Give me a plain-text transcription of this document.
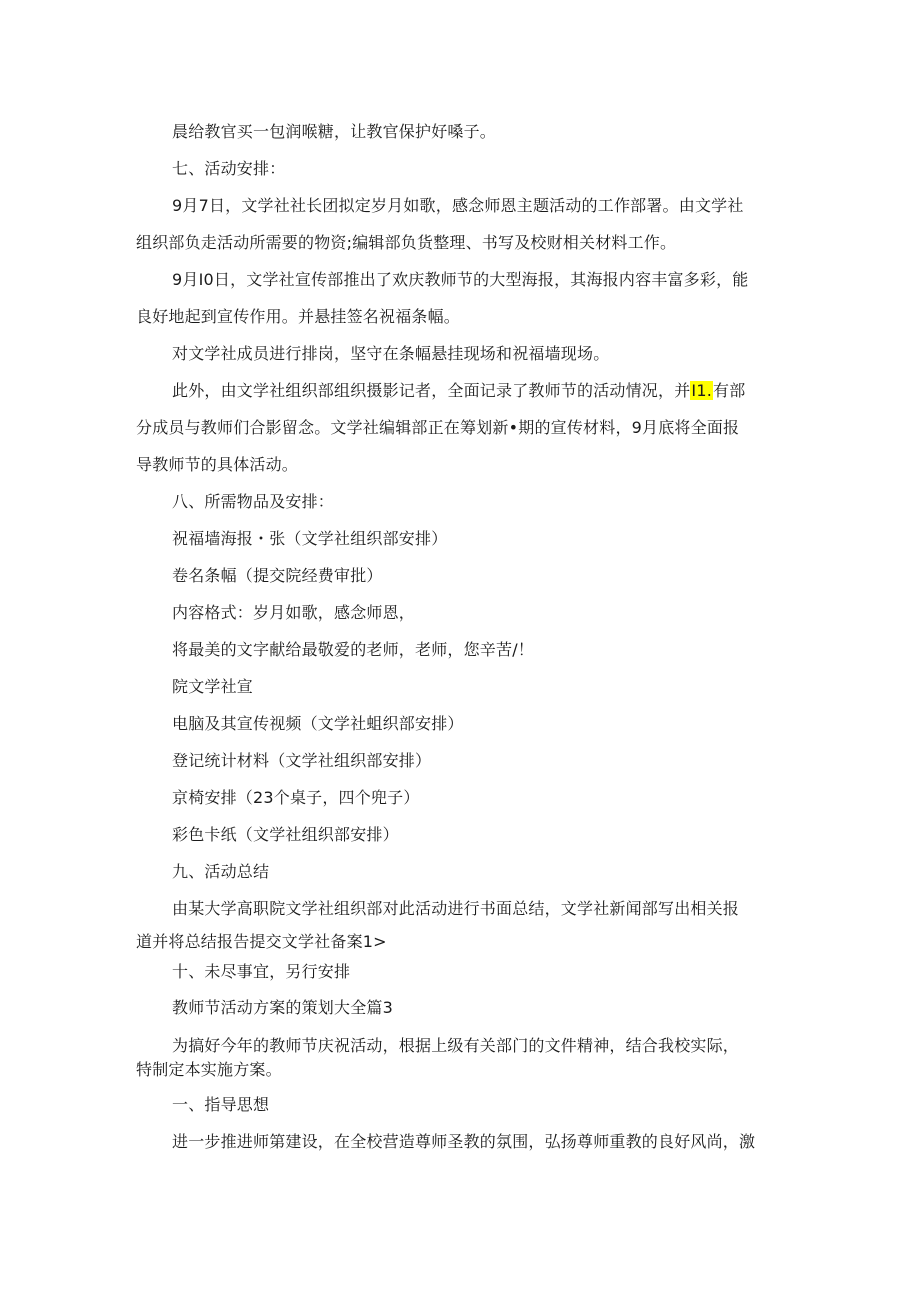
晨给教官买一包润喉糖，让教官保护好嗓子。
七、活动安排：
9月7日，文学社社长团拟定岁月如歌，感念师恩主题活动的工作部署。由文学社
组织部负走活动所需要的物资;编辑部负货整理、书写及校财相关材料工作。
9月I0日，文学社宣传部推出了欢庆教师节的大型海报，其海报内容丰富多彩，能
良好地起到宣传作用。并悬挂签名祝福条幅。
对文学社成员进行排岗，坚守在条幅悬挂现场和祝福墙现场。
此外，由文学社组织部组织摄影记者，全面记录了教师节的活动情况，并I1.有部
分成员与教师们合影留念。文学社编辑部正在筹划新•期的宣传材料，9月底将全面报
导教师节的具体活动。
八、所需物品及安排：
祝福墙海报・张（文学社组织部安排）
卷名条幅（提交院经费审批）
内容格式：岁月如歌，感念师恩，
将最美的文字献给最敬爱的老师，老师，您辛苦/！
院文学社宣
电脑及其宣传视频（文学社蛆织部安排）
登记统计材料（文学社组织部安排）
京椅安排（23个桌子，四个兜子）
彩色卡纸（文学社组织部安排）
九、活动总结
由某大学高职院文学社组织部对此活动进行书面总结，文学社新闻部写出相关报
道并将总结报告提交文学社备案1>
十、未尽事宜，另行安排
教师节活动方案的策划大全篇3
为搞好今年的教师节庆祝活动，根据上级有关部门的文件精神，结合我校实际，
特制定本实施方案。
一、指导思想
进一步推进师第建设，在全校营造尊师圣教的氛围，弘扬尊师重教的良好风尚，激
